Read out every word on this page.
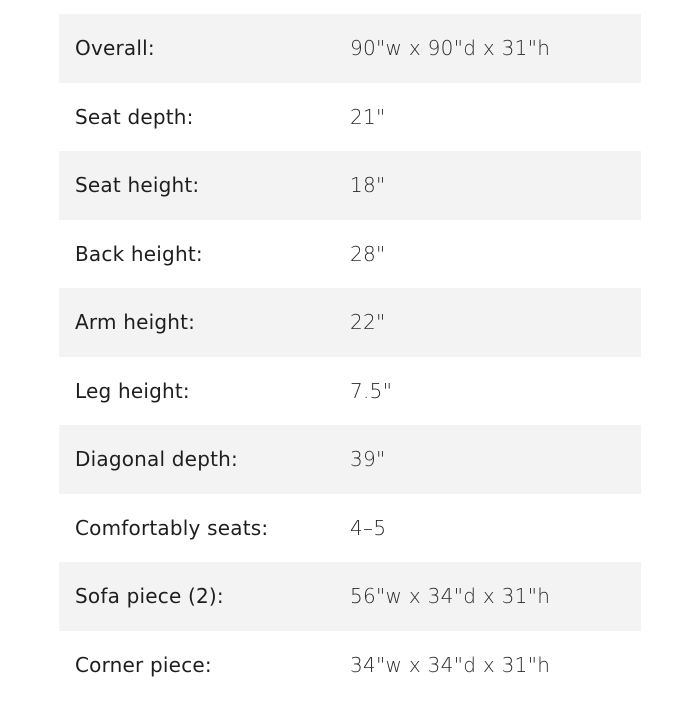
Overall:	90"w x 90"d x 31"h
Seat depth:	21"
Seat height:	18"
Back height:	28"
Arm height:	22"
Leg height:	7.5"
Diagonal depth:	39"
Comfortably seats:	4–5
Sofa piece (2):	56"w x 34"d x 31"h
Corner piece:	34"w x 34"d x 31"h
